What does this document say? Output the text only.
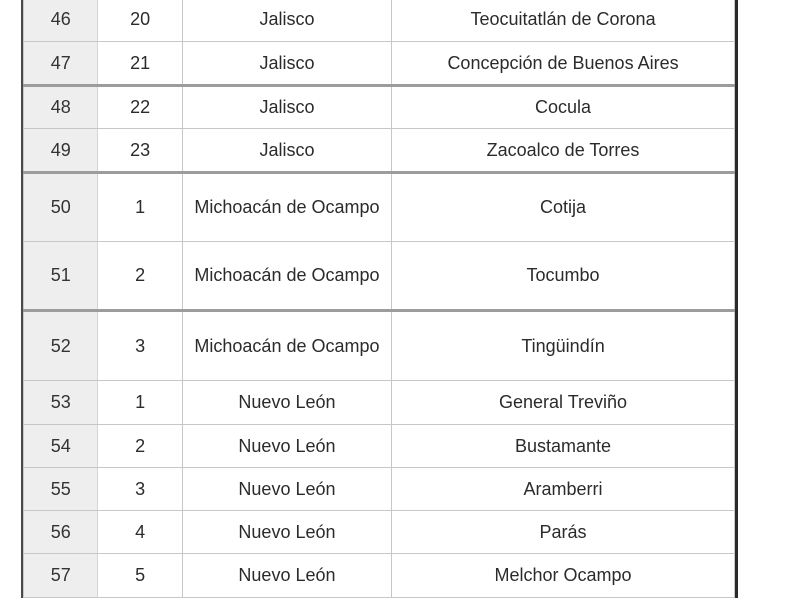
46	20	Jalisco	Teocuitatlán de Corona
47	21	Jalisco	Concepción de Buenos Aires
48	22	Jalisco	Cocula
49	23	Jalisco	Zacoalco de Torres
50	1	Michoacán de Ocampo	Cotija
51	2	Michoacán de Ocampo	Tocumbo
52	3	Michoacán de Ocampo	Tingüindín
53	1	Nuevo León	General Treviño
54	2	Nuevo León	Bustamante
55	3	Nuevo León	Aramberri
56	4	Nuevo León	Parás
57	5	Nuevo León	Melchor Ocampo
